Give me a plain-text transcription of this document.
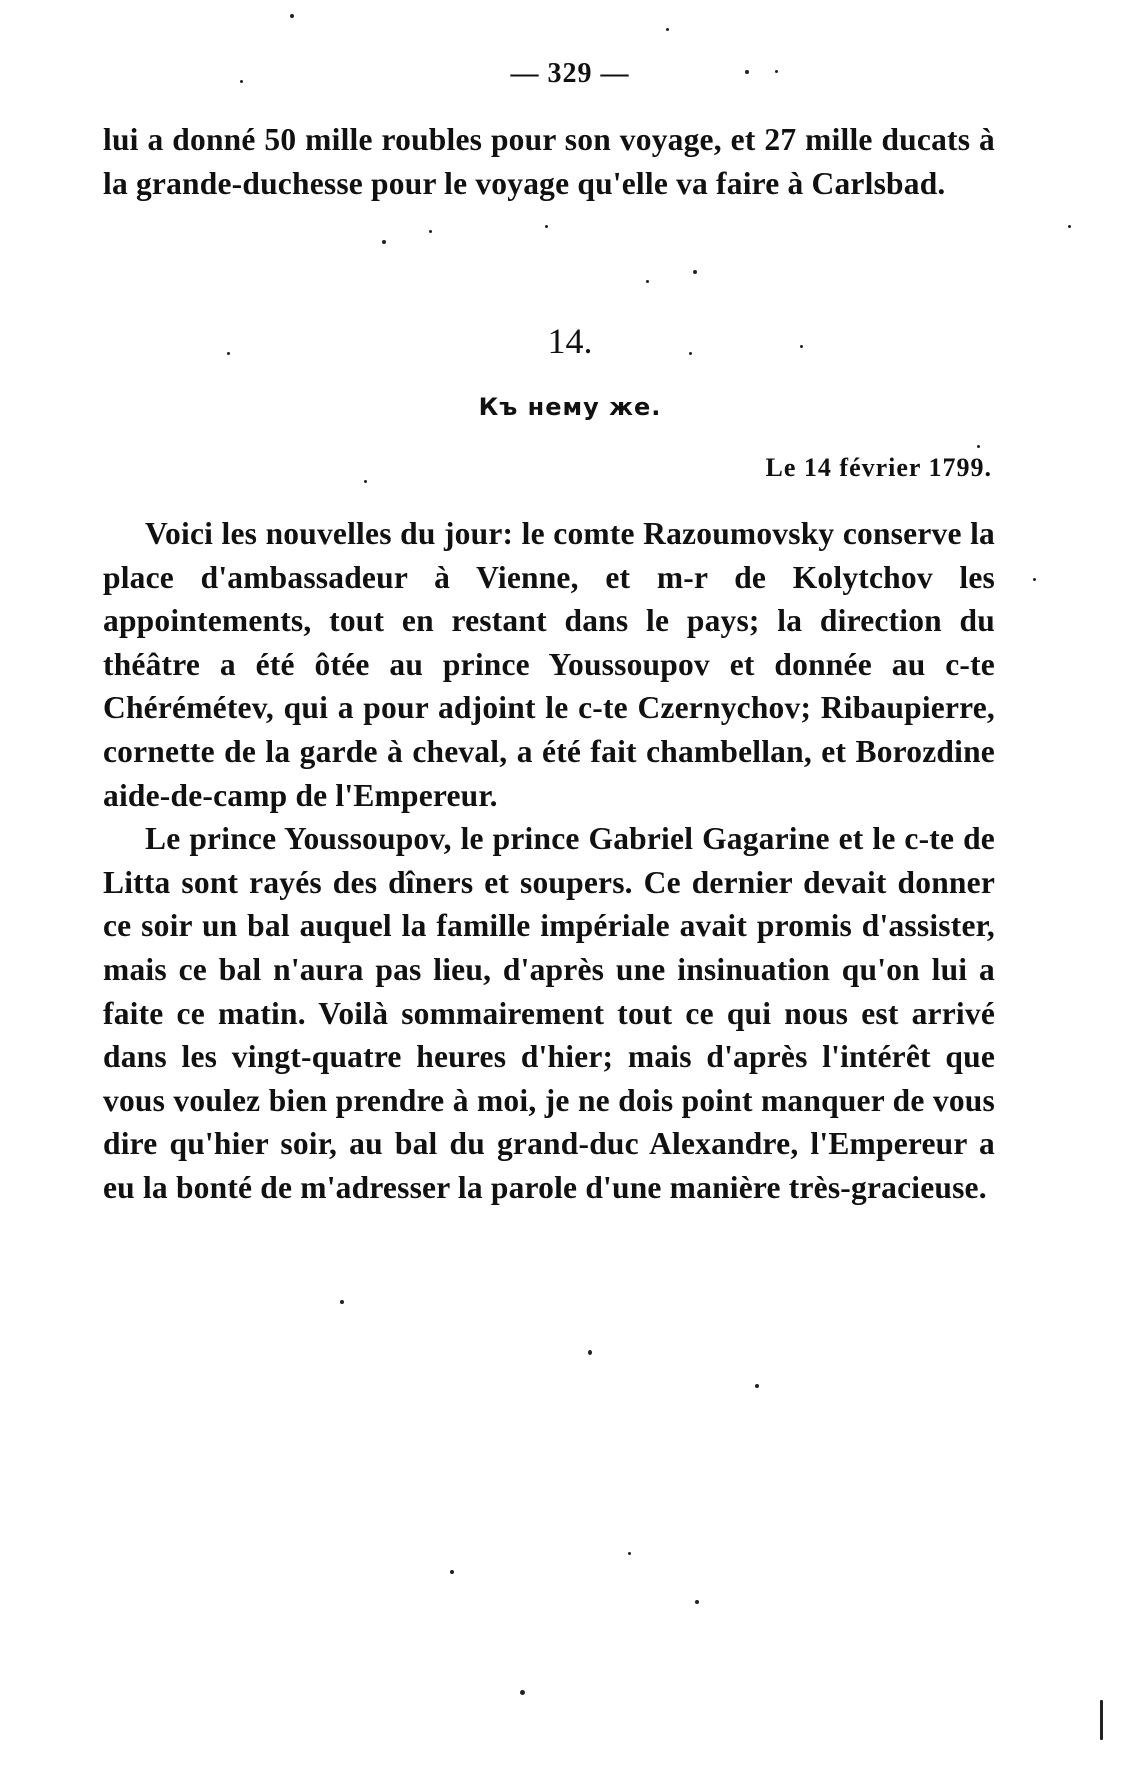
— 329 —

lui a donné 50 mille roubles pour son voyage, et 27 mille ducats à la grande-duchesse pour le voyage qu'elle va faire à Carlsbad.

14.
Къ нему же.
Le 14 février 1799.

Voici les nouvelles du jour: le comte Razoumovsky conserve la place d'ambassadeur à Vienne, et m-r de Kolytchov les appointements, tout en restant dans le pays; la direction du théâtre a été ôtée au prince Youssoupov et donnée au c-te Chérémétev, qui a pour adjoint le c-te Czernychov; Ribaupierre, cornette de la garde à cheval, a été fait chambellan, et Borozdine aide-de-camp de l'Empereur.

Le prince Youssoupov, le prince Gabriel Gagarine et le c-te de Litta sont rayés des dîners et soupers. Ce dernier devait donner ce soir un bal auquel la famille impériale avait promis d'assister, mais ce bal n'aura pas lieu, d'après une insinuation qu'on lui a faite ce matin. Voilà sommairement tout ce qui nous est arrivé dans les vingt-quatre heures d'hier; mais d'après l'intérêt que vous voulez bien prendre à moi, je ne dois point manquer de vous dire qu'hier soir, au bal du grand-duc Alexandre, l'Empereur a eu la bonté de m'adresser la parole d'une manière très-gracieuse.
